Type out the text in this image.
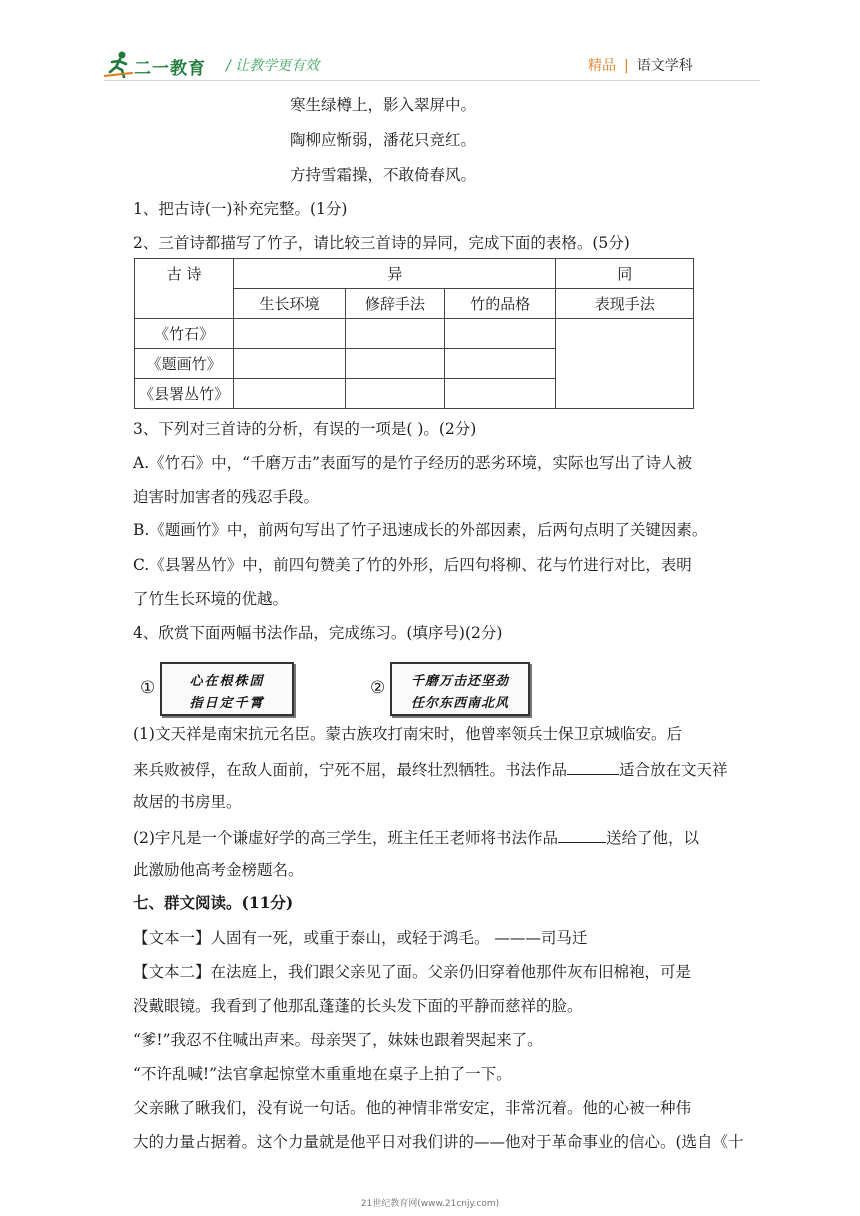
二一教育 / 让教学更有效	精品 | 语文学科
寒生绿樽上，影入翠屏中。
陶柳应惭弱，潘花只竞红。
方持雪霜操，不敢倚春风。
1、把古诗(一)补充完整。(1分)
2、三首诗都描写了竹子，请比较三首诗的异同，完成下面的表格。(5分)
古 诗	异			同
	生长环境	修辞手法	竹的品格	表现手法
《竹石》				
《题画竹》				
《县署丛竹》				
3、下列对三首诗的分析，有误的一项是( )。(2分)
A.《竹石》中，“千磨万击”表面写的是竹子经历的恶劣环境，实际也写出了诗人被
迫害时加害者的残忍手段。
B.《题画竹》中，前两句写出了竹子迅速成长的外部因素，后两句点明了关键因素。
C.《县署丛竹》中，前四句赞美了竹的外形，后四句将柳、花与竹进行对比，表明
了竹生长环境的优越。
4、欣赏下面两幅书法作品，完成练习。(填序号)(2分)
①	心在根株固
指日定千霄
②	千磨万击还坚劲
任尔东西南北风
(1)文天祥是南宋抗元名臣。蒙古族攻打南宋时，他曾率领兵士保卫京城临安。后
来兵败被俘，在敌人面前，宁死不屈，最终壮烈牺牲。书法作品	适合放在文天祥
故居的书房里。
(2)宇凡是一个谦虚好学的高三学生，班主任王老师将书法作品	送给了他，以
此激励他高考金榜题名。
七、群文阅读。(11分)
【文本一】人固有一死，或重于泰山，或轻于鸿毛。 ———司马迁
【文本二】在法庭上，我们跟父亲见了面。父亲仍旧穿着他那件灰布旧棉袍，可是
没戴眼镜。我看到了他那乱蓬蓬的长头发下面的平静而慈祥的脸。
“爹!”我忍不住喊出声来。母亲哭了，妹妹也跟着哭起来了。
“不许乱喊!”法官拿起惊堂木重重地在桌子上拍了一下。
父亲瞅了瞅我们，没有说一句话。他的神情非常安定，非常沉着。他的心被一种伟
大的力量占据着。这个力量就是他平日对我们讲的——他对于革命事业的信心。(选自《十
21世纪教育网(www.21cnjy.com)
